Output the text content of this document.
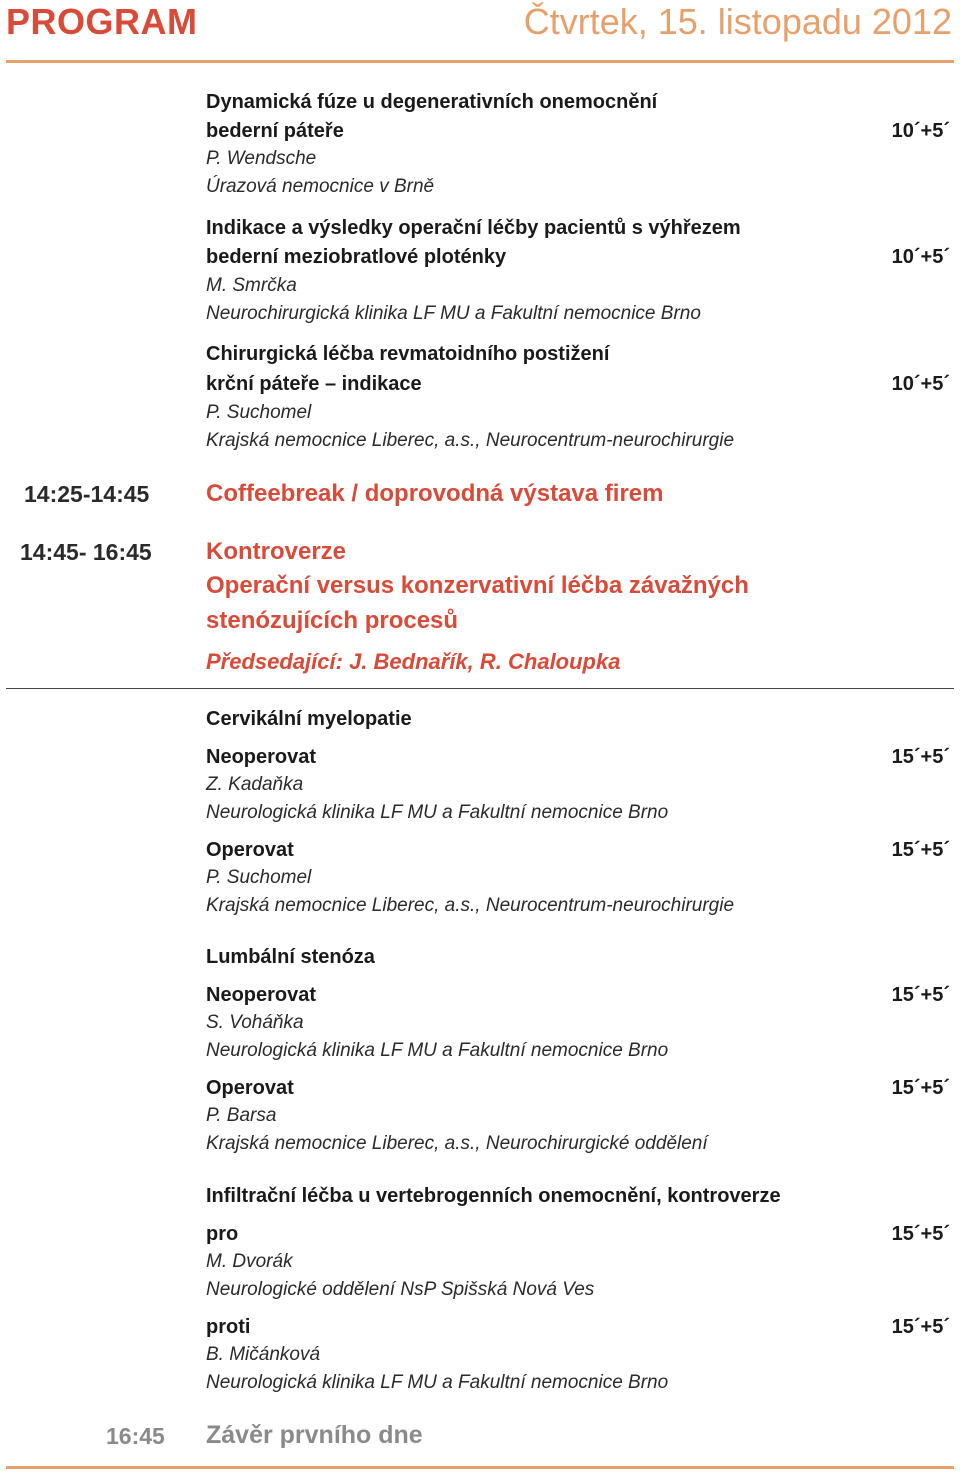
PROGRAM	Čtvrtek, 15. listopadu 2012
Dynamická fúze u degenerativních onemocnění
bederní páteře	10´+5´
P. Wendsche
Úrazová nemocnice v Brně
Indikace a výsledky operační léčby pacientů s výhřezem
bederní meziobratlové ploténky	10´+5´
M. Smrčka
Neurochirurgická klinika LF MU a Fakultní nemocnice Brno
Chirurgická léčba revmatoidního postižení
krční páteře – indikace	10´+5´
P. Suchomel
Krajská nemocnice Liberec, a.s., Neurocentrum-neurochirurgie
14:25-14:45 Coffeebreak / doprovodná výstava firem
14:45- 16:45 Kontroverze
Operační versus konzervativní léčba závažných
stenózujících procesů
Předsedající: J. Bednařík, R. Chaloupka
Cervikální myelopatie
Neoperovat	15´+5´
Z. Kadaňka
Neurologická klinika LF MU a Fakultní nemocnice Brno
Operovat	15´+5´
P. Suchomel
Krajská nemocnice Liberec, a.s., Neurocentrum-neurochirurgie
Lumbální stenóza
Neoperovat	15´+5´
S. Voháňka
Neurologická klinika LF MU a Fakultní nemocnice Brno
Operovat	15´+5´
P. Barsa
Krajská nemocnice Liberec, a.s., Neurochirurgické oddělení
Infiltrační léčba u vertebrogenních onemocnění, kontroverze
pro	15´+5´
M. Dvorák
Neurologické oddělení NsP Spišská Nová Ves
proti	15´+5´
B. Mičánková
Neurologická klinika LF MU a Fakultní nemocnice Brno
16:45 Závěr prvního dne
